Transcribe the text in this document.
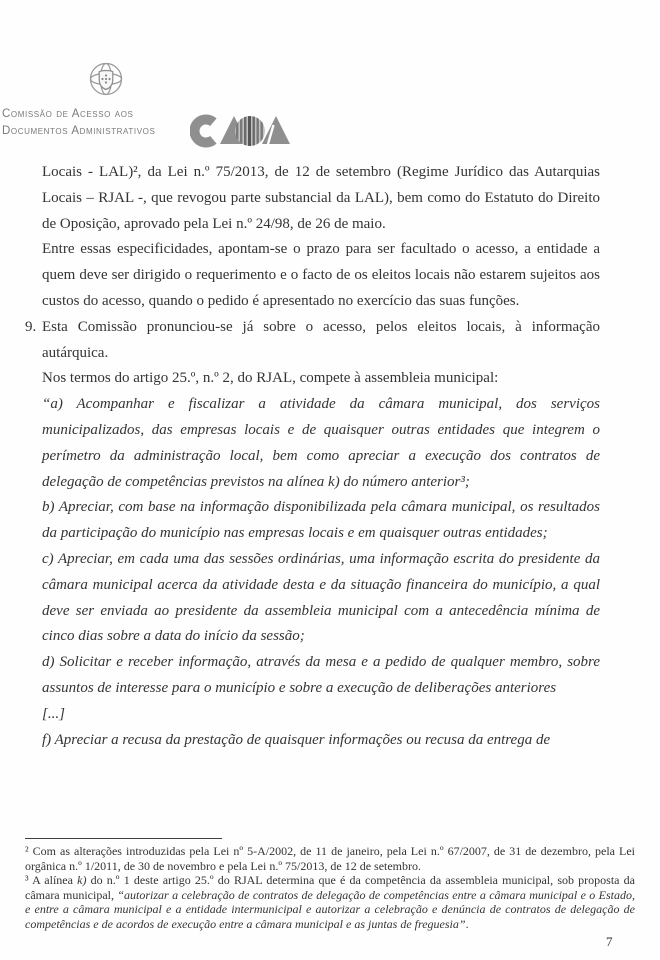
Comissão de Acesso aos
Documentos Administrativos

Locais - LAL)², da Lei n.º 75/2013, de 12 de setembro (Regime Jurídico das Autarquias Locais – RJAL -, que revogou parte substancial da LAL), bem como do Estatuto do Direito de Oposição, aprovado pela Lei n.º 24/98, de 26 de maio.

Entre essas especificidades, apontam-se o prazo para ser facultado o acesso, a entidade a quem deve ser dirigido o requerimento e o facto de os eleitos locais não estarem sujeitos aos custos do acesso, quando o pedido é apresentado no exercício das suas funções.

9. Esta Comissão pronunciou-se já sobre o acesso, pelos eleitos locais, à informação autárquica.

Nos termos do artigo 25.º, n.º 2, do RJAL, compete à assembleia municipal:

“a) Acompanhar e fiscalizar a atividade da câmara municipal, dos serviços municipalizados, das empresas locais e de quaisquer outras entidades que integrem o perímetro da administração local, bem como apreciar a execução dos contratos de delegação de competências previstos na alínea k) do número anterior³;

b) Apreciar, com base na informação disponibilizada pela câmara municipal, os resultados da participação do município nas empresas locais e em quaisquer outras entidades;

c) Apreciar, em cada uma das sessões ordinárias, uma informação escrita do presidente da câmara municipal acerca da atividade desta e da situação financeira do município, a qual deve ser enviada ao presidente da assembleia municipal com a antecedência mínima de cinco dias sobre a data do início da sessão;

d) Solicitar e receber informação, através da mesa e a pedido de qualquer membro, sobre assuntos de interesse para o município e sobre a execução de deliberações anteriores

[...]

f) Apreciar a recusa da prestação de quaisquer informações ou recusa da entrega de

² Com as alterações introduzidas pela Lei nº 5-A/2002, de 11 de janeiro, pela Lei n.º 67/2007, de 31 de dezembro, pela Lei orgânica n.º 1/2011, de 30 de novembro e pela Lei n.º 75/2013, de 12 de setembro.

³ A alínea k) do n.º 1 deste artigo 25.º do RJAL determina que é da competência da assembleia municipal, sob proposta da câmara municipal, “autorizar a celebração de contratos de delegação de competências entre a câmara municipal e o Estado, e entre a câmara municipal e a entidade intermunicipal e autorizar a celebração e denúncia de contratos de delegação de competências e de acordos de execução entre a câmara municipal e as juntas de freguesia”.

7
